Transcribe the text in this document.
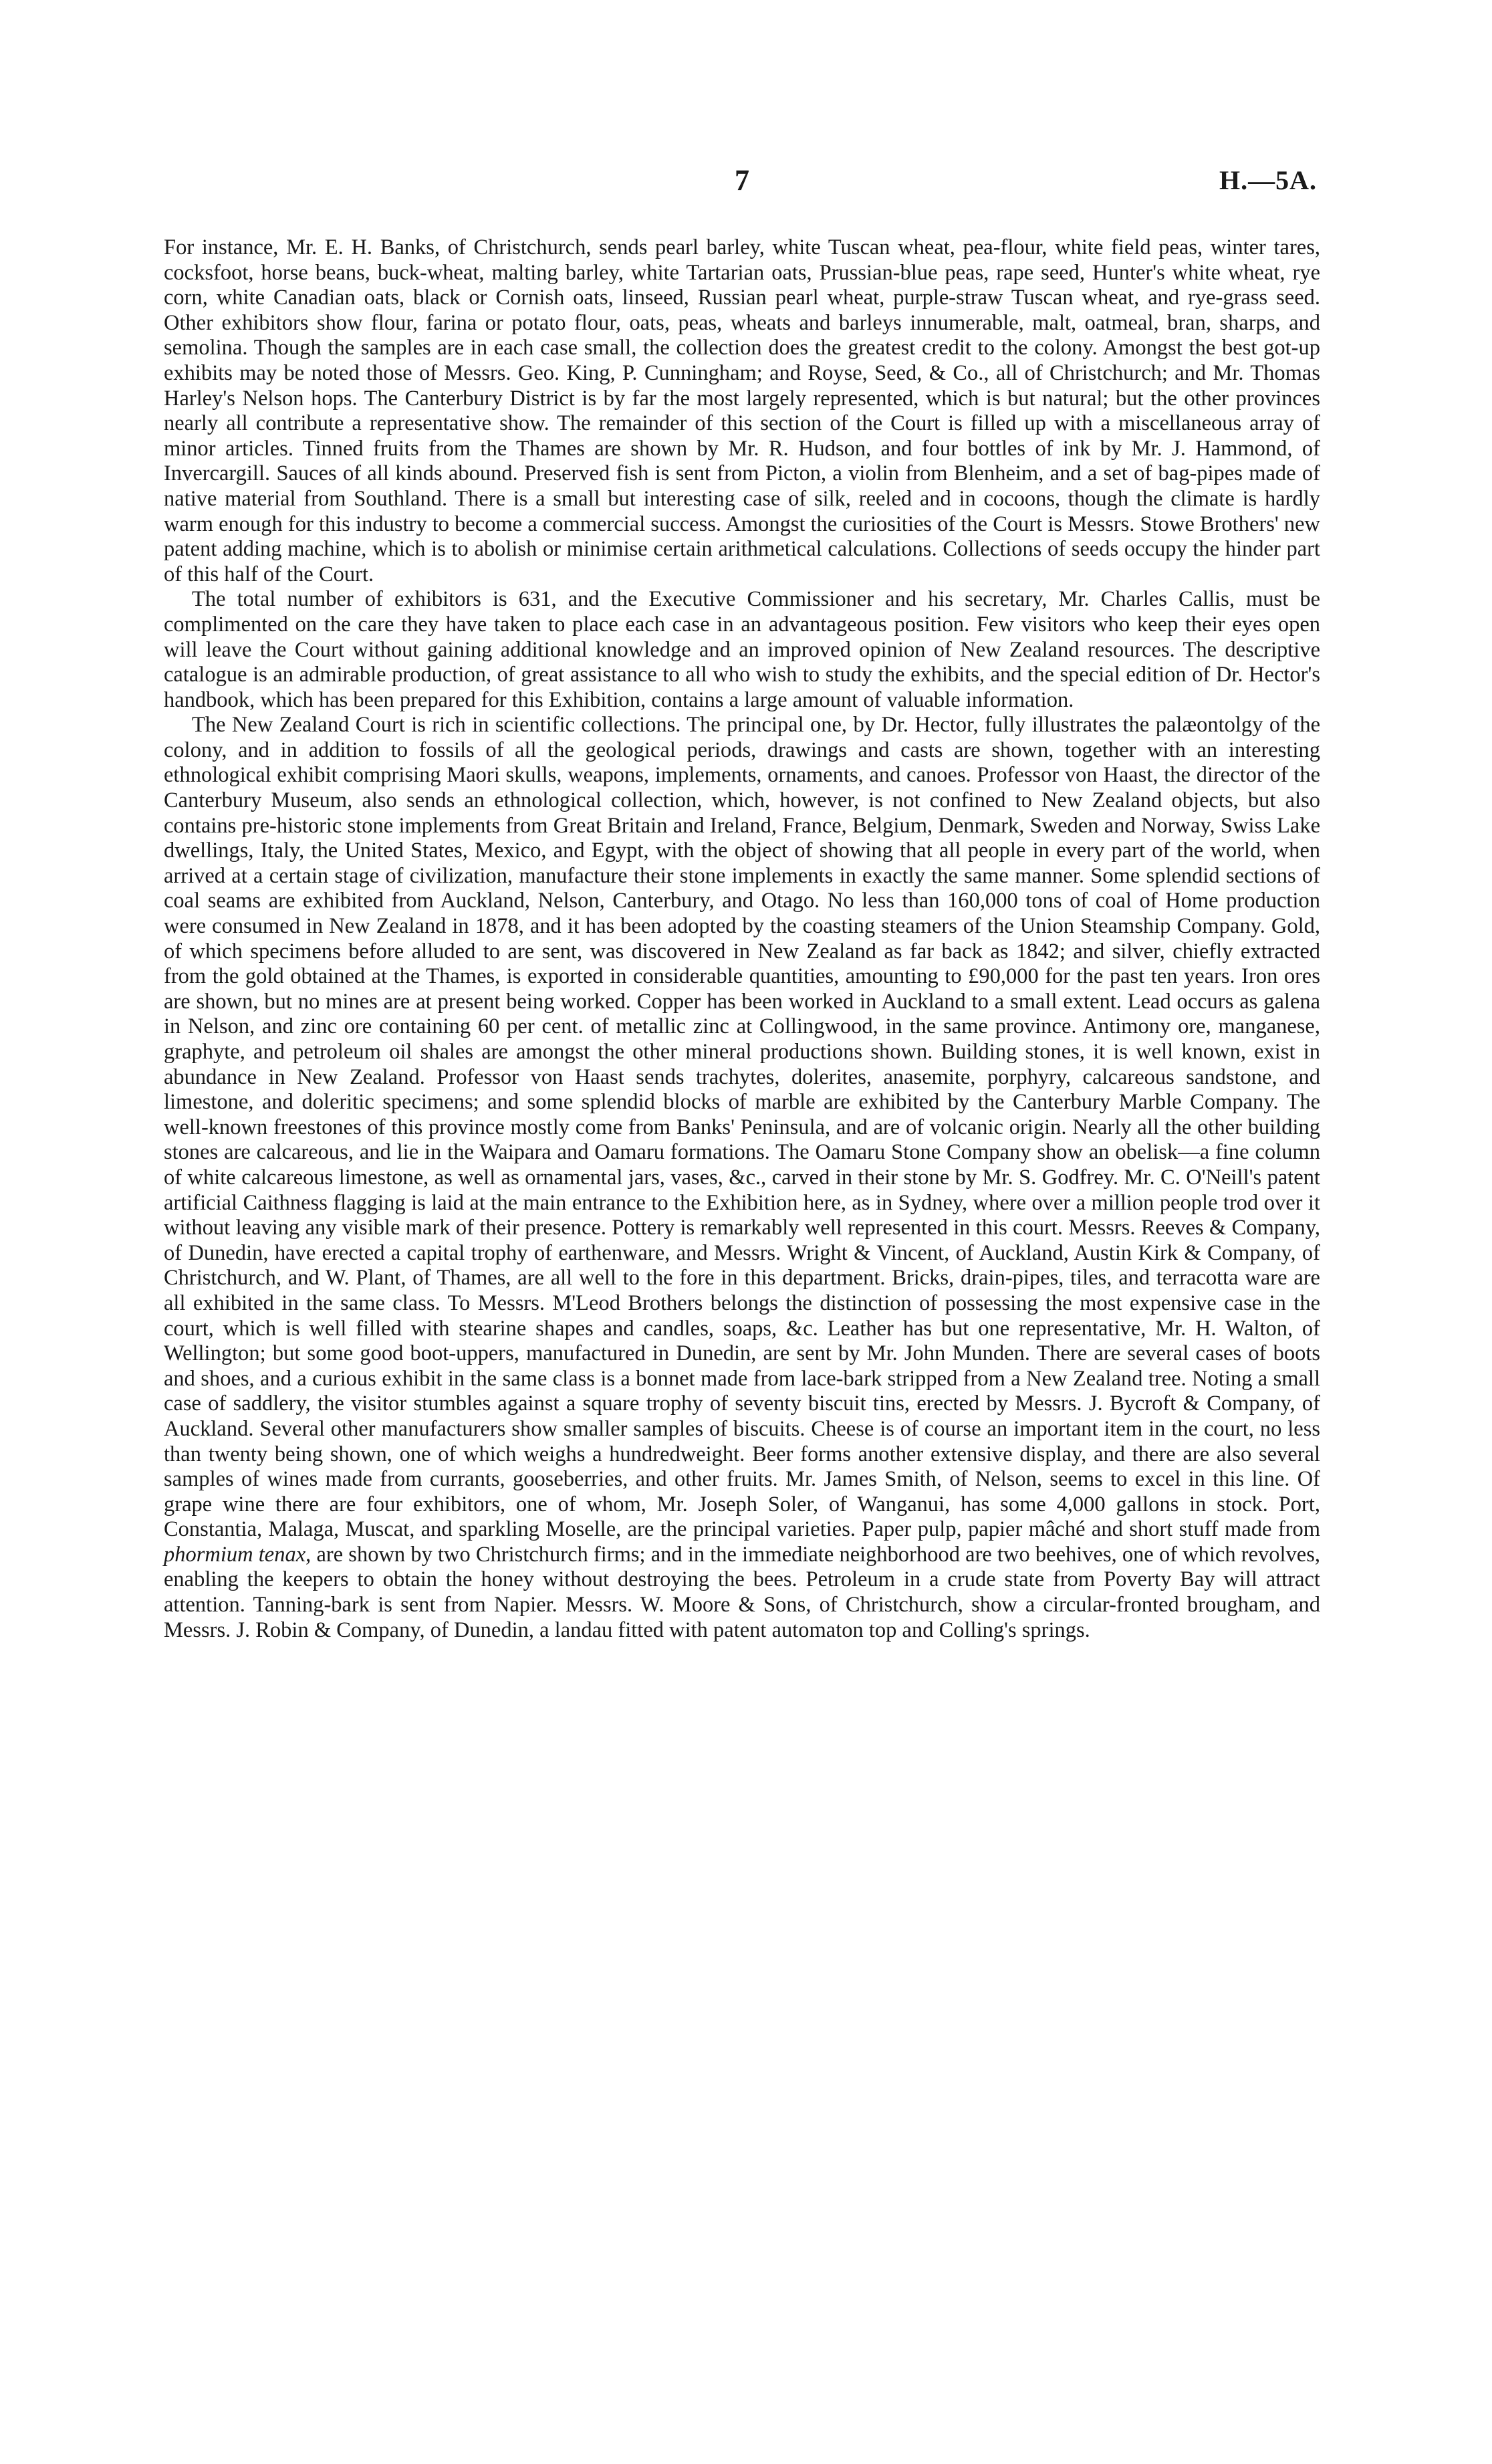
7	H.—5A.

For instance, Mr. E. H. Banks, of Christchurch, sends pearl barley, white Tuscan wheat, pea-flour, white field peas, winter tares, cocksfoot, horse beans, buck-wheat, malting barley, white Tartarian oats, Prussian-blue peas, rape seed, Hunter's white wheat, rye corn, white Canadian oats, black or Cornish oats, linseed, Russian pearl wheat, purple-straw Tuscan wheat, and rye-grass seed. Other exhibitors show flour, farina or potato flour, oats, peas, wheats and barleys innumerable, malt, oatmeal, bran, sharps, and semolina. Though the samples are in each case small, the collection does the greatest credit to the colony. Amongst the best got-up exhibits may be noted those of Messrs. Geo. King, P. Cunningham; and Royse, Seed, & Co., all of Christchurch; and Mr. Thomas Harley's Nelson hops. The Canterbury District is by far the most largely represented, which is but natural; but the other provinces nearly all contribute a representative show. The remainder of this section of the Court is filled up with a miscellaneous array of minor articles. Tinned fruits from the Thames are shown by Mr. R. Hudson, and four bottles of ink by Mr. J. Hammond, of Invercargill. Sauces of all kinds abound. Preserved fish is sent from Picton, a violin from Blenheim, and a set of bag-pipes made of native material from Southland. There is a small but interesting case of silk, reeled and in cocoons, though the climate is hardly warm enough for this industry to become a commercial success. Amongst the curiosities of the Court is Messrs. Stowe Brothers' new patent adding machine, which is to abolish or minimise certain arithmetical calculations. Collections of seeds occupy the hinder part of this half of the Court.

The total number of exhibitors is 631, and the Executive Commissioner and his secretary, Mr. Charles Callis, must be complimented on the care they have taken to place each case in an advantageous position. Few visitors who keep their eyes open will leave the Court without gaining additional knowledge and an improved opinion of New Zealand resources. The descriptive catalogue is an admirable production, of great assistance to all who wish to study the exhibits, and the special edition of Dr. Hector's handbook, which has been prepared for this Exhibition, contains a large amount of valuable information.

The New Zealand Court is rich in scientific collections. The principal one, by Dr. Hector, fully illustrates the palæontolgy of the colony, and in addition to fossils of all the geological periods, drawings and casts are shown, together with an interesting ethnological exhibit comprising Maori skulls, weapons, implements, ornaments, and canoes. Professor von Haast, the director of the Canterbury Museum, also sends an ethnological collection, which, however, is not confined to New Zealand objects, but also contains pre-historic stone implements from Great Britain and Ireland, France, Belgium, Denmark, Sweden and Norway, Swiss Lake dwellings, Italy, the United States, Mexico, and Egypt, with the object of showing that all people in every part of the world, when arrived at a certain stage of civilization, manufacture their stone implements in exactly the same manner. Some splendid sections of coal seams are exhibited from Auckland, Nelson, Canterbury, and Otago. No less than 160,000 tons of coal of Home production were consumed in New Zealand in 1878, and it has been adopted by the coasting steamers of the Union Steamship Company. Gold, of which specimens before alluded to are sent, was discovered in New Zealand as far back as 1842; and silver, chiefly extracted from the gold obtained at the Thames, is exported in considerable quantities, amounting to £90,000 for the past ten years. Iron ores are shown, but no mines are at present being worked. Copper has been worked in Auckland to a small extent. Lead occurs as galena in Nelson, and zinc ore containing 60 per cent. of metallic zinc at Collingwood, in the same province. Antimony ore, manganese, graphyte, and petroleum oil shales are amongst the other mineral productions shown. Building stones, it is well known, exist in abundance in New Zealand. Professor von Haast sends trachytes, dolerites, anasemite, porphyry, calcareous sandstone, and limestone, and doleritic specimens; and some splendid blocks of marble are exhibited by the Canterbury Marble Company. The well-known freestones of this province mostly come from Banks' Peninsula, and are of volcanic origin. Nearly all the other building stones are calcareous, and lie in the Waipara and Oamaru formations. The Oamaru Stone Company show an obelisk—a fine column of white calcareous limestone, as well as ornamental jars, vases, &c., carved in their stone by Mr. S. Godfrey. Mr. C. O'Neill's patent artificial Caithness flagging is laid at the main entrance to the Exhibition here, as in Sydney, where over a million people trod over it without leaving any visible mark of their presence. Pottery is remarkably well represented in this court. Messrs. Reeves & Company, of Dunedin, have erected a capital trophy of earthenware, and Messrs. Wright & Vincent, of Auckland, Austin Kirk & Company, of Christchurch, and W. Plant, of Thames, are all well to the fore in this department. Bricks, drain-pipes, tiles, and terracotta ware are all exhibited in the same class. To Messrs. M'Leod Brothers belongs the distinction of possessing the most expensive case in the court, which is well filled with stearine shapes and candles, soaps, &c. Leather has but one representative, Mr. H. Walton, of Wellington; but some good boot-uppers, manufactured in Dunedin, are sent by Mr. John Munden. There are several cases of boots and shoes, and a curious exhibit in the same class is a bonnet made from lace-bark stripped from a New Zealand tree. Noting a small case of saddlery, the visitor stumbles against a square trophy of seventy biscuit tins, erected by Messrs. J. Bycroft & Company, of Auckland. Several other manufacturers show smaller samples of biscuits. Cheese is of course an important item in the court, no less than twenty being shown, one of which weighs a hundredweight. Beer forms another extensive display, and there are also several samples of wines made from currants, gooseberries, and other fruits. Mr. James Smith, of Nelson, seems to excel in this line. Of grape wine there are four exhibitors, one of whom, Mr. Joseph Soler, of Wanganui, has some 4,000 gallons in stock. Port, Constantia, Malaga, Muscat, and sparkling Moselle, are the principal varieties. Paper pulp, papier mâché and short stuff made from phormium tenax, are shown by two Christchurch firms; and in the immediate neighborhood are two beehives, one of which revolves, enabling the keepers to obtain the honey without destroying the bees. Petroleum in a crude state from Poverty Bay will attract attention. Tanning-bark is sent from Napier. Messrs. W. Moore & Sons, of Christchurch, show a circular-fronted brougham, and Messrs. J. Robin & Company, of Dunedin, a landau fitted with patent automaton top and Colling's springs.
